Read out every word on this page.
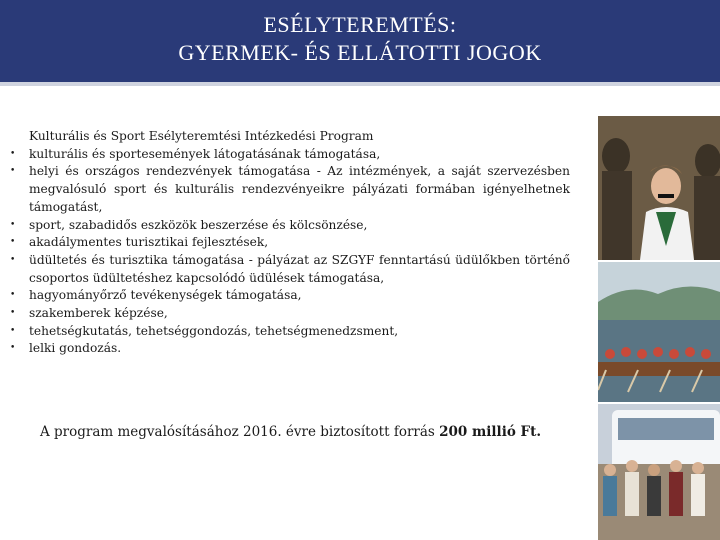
ESÉLYTEREMTÉS:
GYERMEK- ÉS ELLÁTOTTI JOGOK
Kulturális és Sport Esélyteremtési Intézkedési Program
•	kulturális és sportesemények látogatásának támogatása,
•	helyi és országos rendezvények támogatása - Az intézmények, a saját szervezésben megvalósuló sport és kulturális rendezvényeikre pályázati formában igényelhetnek támogatást,
•	sport, szabadidős eszközök beszerzése és kölcsönzése,
•	akadálymentes turisztikai fejlesztések,
•	üdültetés és turisztika támogatása - pályázat az SZGYF fenntartású üdülőkben történő csoportos üdültetéshez kapcsolódó üdülések támogatása,
•	hagyományőrző tevékenységek támogatása,
•	szakemberek képzése,
•	tehetségkutatás, tehetséggondozás, tehetségmenedzsment,
•	lelki gondozás.
A program megvalósításához 2016. évre biztosított forrás 200 millió Ft.
